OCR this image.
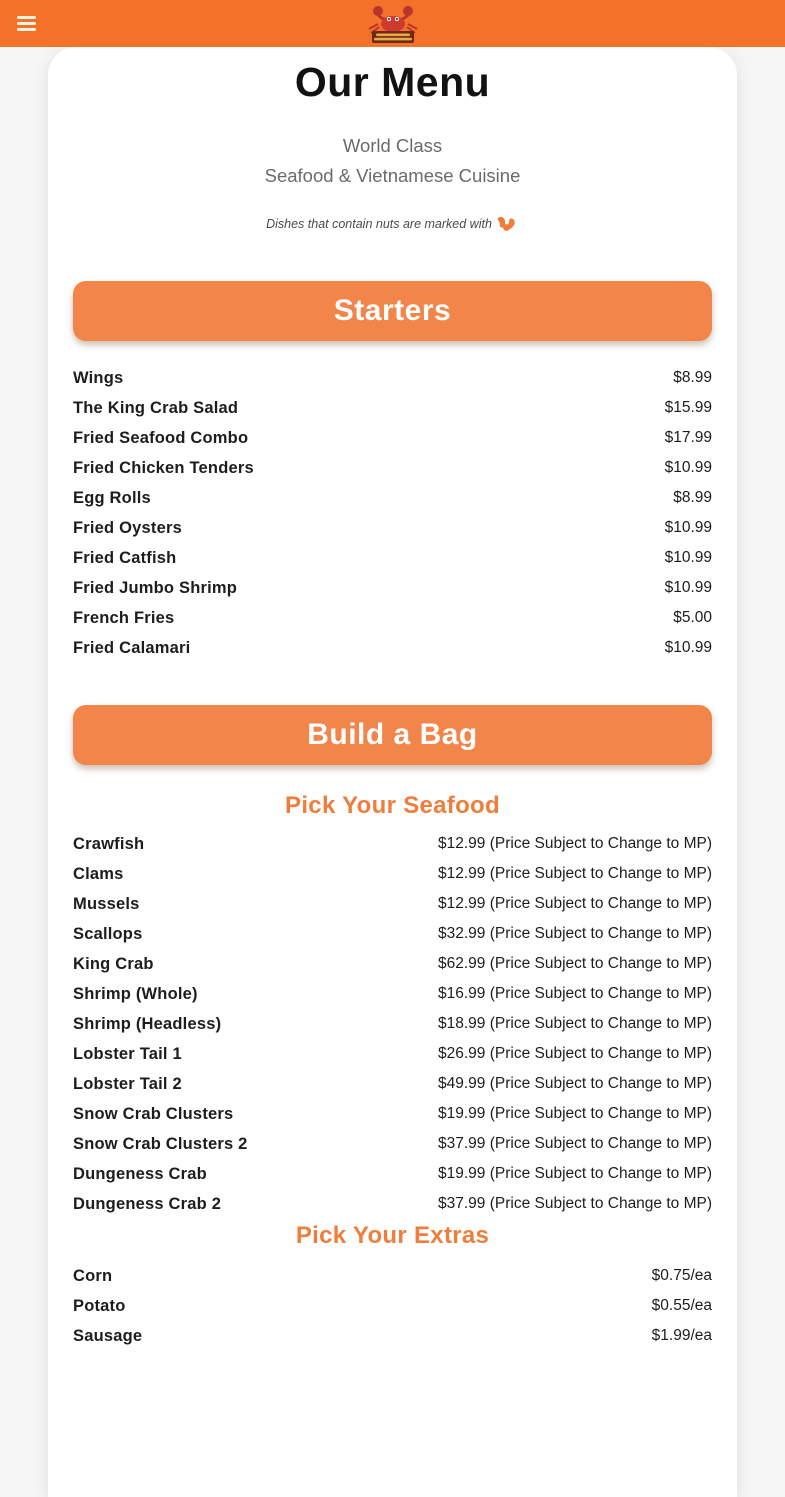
Our Menu
World Class
Seafood & Vietnamese Cuisine
Dishes that contain nuts are marked with
Starters
Wings	$8.99
The King Crab Salad	$15.99
Fried Seafood Combo	$17.99
Fried Chicken Tenders	$10.99
Egg Rolls	$8.99
Fried Oysters	$10.99
Fried Catfish	$10.99
Fried Jumbo Shrimp	$10.99
French Fries	$5.00
Fried Calamari	$10.99
Build a Bag
Pick Your Seafood
Crawfish	$12.99 (Price Subject to Change to MP)
Clams	$12.99 (Price Subject to Change to MP)
Mussels	$12.99 (Price Subject to Change to MP)
Scallops	$32.99 (Price Subject to Change to MP)
King Crab	$62.99 (Price Subject to Change to MP)
Shrimp (Whole)	$16.99 (Price Subject to Change to MP)
Shrimp (Headless)	$18.99 (Price Subject to Change to MP)
Lobster Tail 1	$26.99 (Price Subject to Change to MP)
Lobster Tail 2	$49.99 (Price Subject to Change to MP)
Snow Crab Clusters	$19.99 (Price Subject to Change to MP)
Snow Crab Clusters 2	$37.99 (Price Subject to Change to MP)
Dungeness Crab	$19.99 (Price Subject to Change to MP)
Dungeness Crab 2	$37.99 (Price Subject to Change to MP)
Pick Your Extras
Corn	$0.75/ea
Potato	$0.55/ea
Sausage	$1.99/ea
